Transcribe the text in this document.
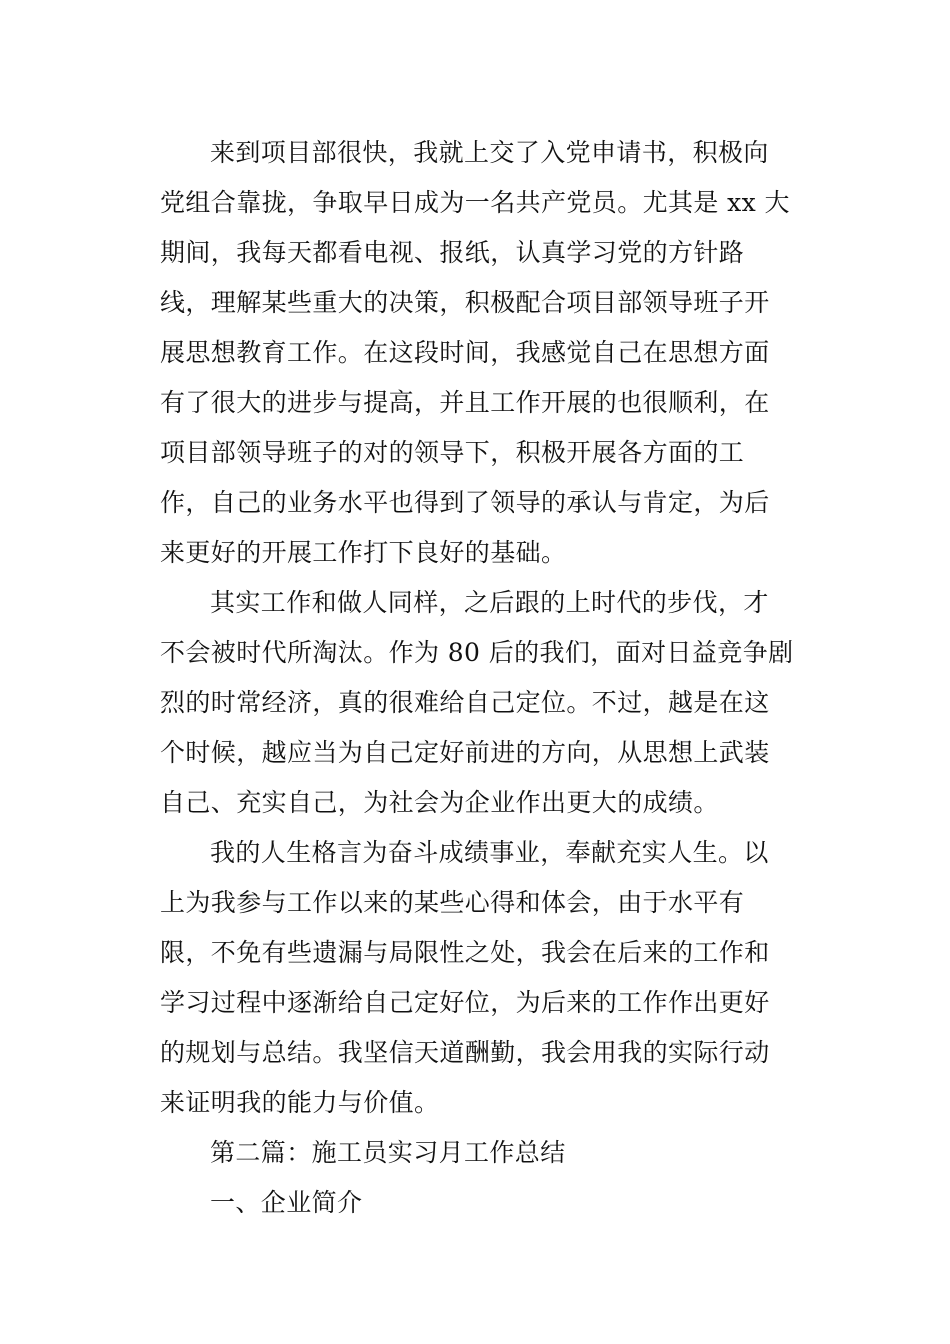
来到项目部很快，我就上交了入党申请书，积极向
党组合靠拢，争取早日成为一名共产党员。尤其是 xx 大
期间，我每天都看电视、报纸，认真学习党的方针路
线，理解某些重大的决策，积极配合项目部领导班子开
展思想教育工作。在这段时间，我感觉自己在思想方面
有了很大的进步与提高，并且工作开展的也很顺利，在
项目部领导班子的对的领导下，积极开展各方面的工
作，自己的业务水平也得到了领导的承认与肯定，为后
来更好的开展工作打下良好的基础。
其实工作和做人同样，之后跟的上时代的步伐，才
不会被时代所淘汰。作为 80 后的我们，面对日益竞争剧
烈的时常经济，真的很难给自己定位。不过，越是在这
个时候，越应当为自己定好前进的方向，从思想上武装
自己、充实自己，为社会为企业作出更大的成绩。
我的人生格言为奋斗成绩事业，奉献充实人生。以
上为我参与工作以来的某些心得和体会，由于水平有
限，不免有些遗漏与局限性之处，我会在后来的工作和
学习过程中逐渐给自己定好位，为后来的工作作出更好
的规划与总结。我坚信天道酬勤，我会用我的实际行动
来证明我的能力与价值。
第二篇：施工员实习月工作总结
一、企业简介
